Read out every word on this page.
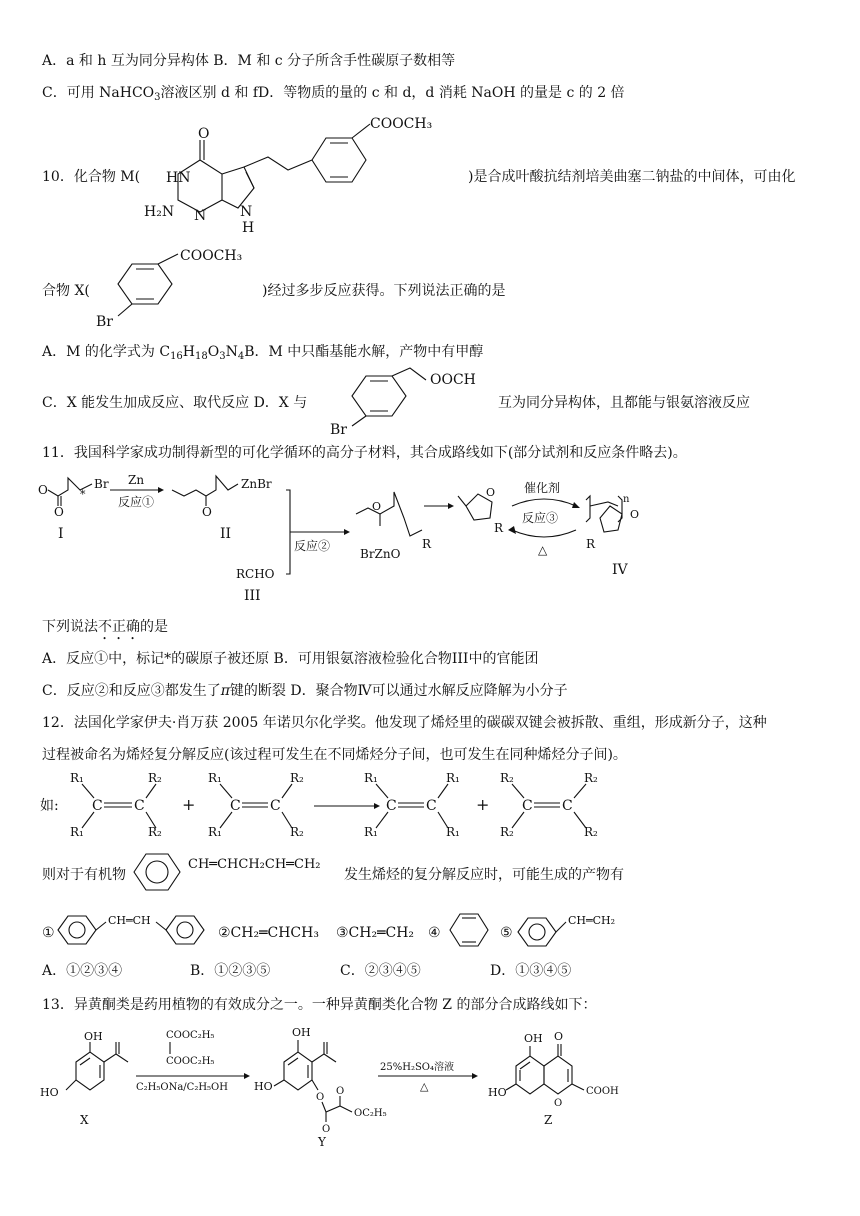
A．a 和 h 互为同分异构体 B．M 和 c 分子所含手性碳原子数相等
C．可用 NaHCO$_3$溶液区别 d 和 fD．等物质的量的 c 和 d，d 消耗 NaOH 的量是 c 的 2 倍
10．化合物 M(	)是合成叶酸抗结剂培美曲塞二钠盐的中间体，可由化
O
HN
H₂N N N
H
COOCH₃
合物 X(	)经过多步反应获得。下列说法正确的是
COOCH₃
Br
A．M 的化学式为 $C_{16}H_{18}O_3N_4B$．M 中只酯基能水解，产物中有甲醇
C．X 能发生加成反应、取代反应 D．X 与
OOCH
Br
互为同分异构体，且都能与银氨溶液反应
11．我国科学家成功制得新型的可化学循环的高分子材料，其合成路线如下(部分试剂和反应条件略去)。
O
O
*
Br
I
Zn
反应①
O
ZnBr
II
反应②
RCHO
III
O
BrZnO
R
O
R
催化剂
反应③
△
n
O
R
IV
下列说法不正确的是
A．反应①中，标记*的碳原子被还原 B．可用银氨溶液检验化合物III中的官能团
C．反应②和反应③都发生了π键的断裂 D．聚合物Ⅳ可以通过水解反应降解为小分子
12．法国化学家伊夫·肖万获 2005 年诺贝尔化学奖。他发现了烯烃里的碳碳双键会被拆散、重组，形成新分子，这种
过程被命名为烯烃复分解反应(该过程可发生在不同烯烃分子间，也可发生在同种烯烃分子间)。
如:
R₁
R₁
C C
R₂
R₂
+
R₁
R₁
C C
R₂
R₂
R₁
R₁
C C
R₁
R₁
+
R₂
R₂
C C
R₂
R₂
则对于有机物
CH═CHCH₂CH═CH₂
发生烯烃的复分解反应时，可能生成的产物有
①
CH═CH
②CH₂═CHCH₃ ③CH₂═CH₂ ④	⑤
CH═CH₂
A．①②③④	B．①②③⑤	C．②③④⑤	D．①③④⑤
13．异黄酮类是药用植物的有效成分之一。一种异黄酮类化合物 Z 的部分合成路线如下：
OH
HO
X
COOC₂H₅
COOC₂H₅
C₂H₅ONa/C₂H₅OH
OH
HO
O
O
O
OC₂H₅
Y
25%H₂SO₄溶液
△
OH O
COOH
O
HO
Z
